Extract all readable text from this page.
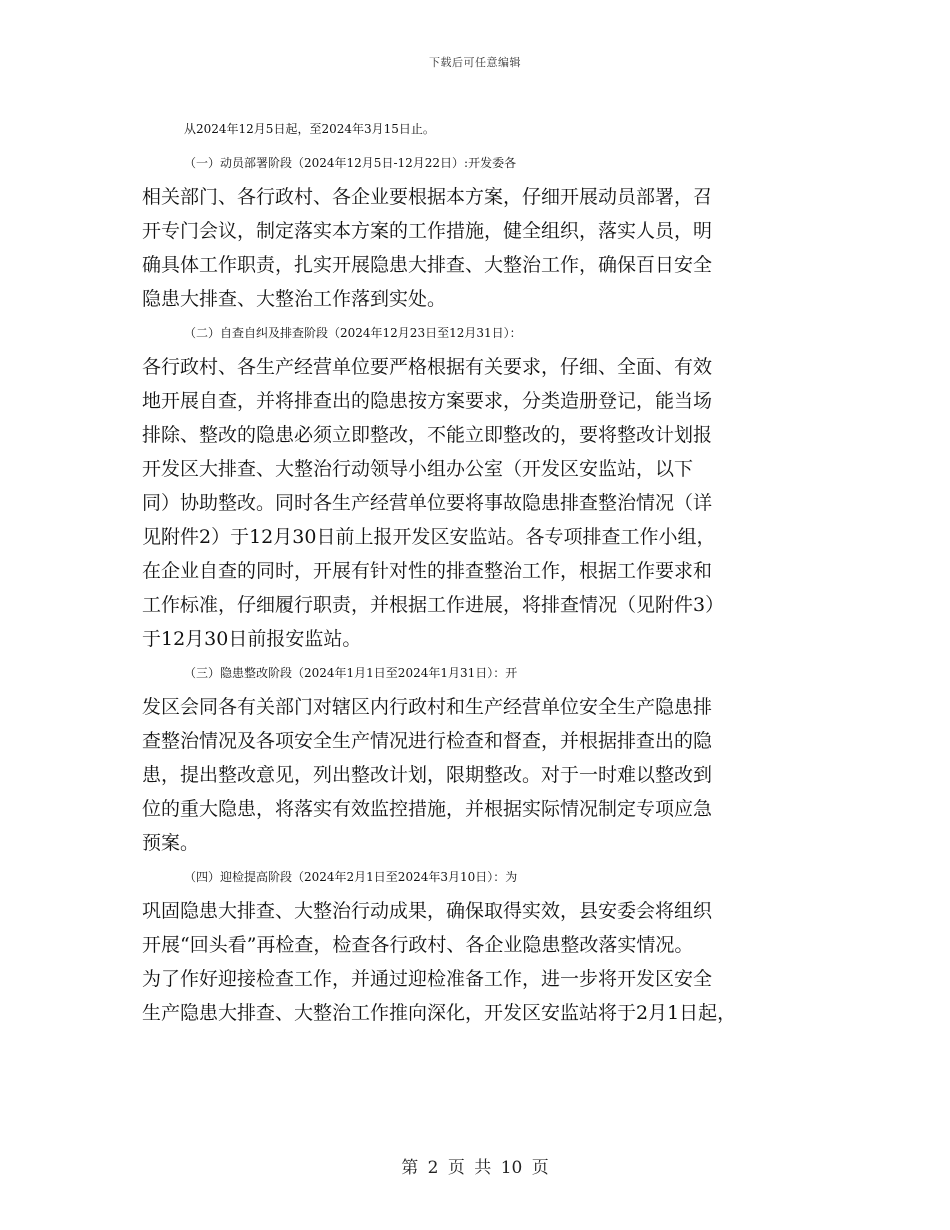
下载后可任意编辑
从2024年12月5日起，至2024年3月15日止。
（一）动员部署阶段（2024年12月5日-12月22日）:开发委各
相关部门、各行政村、各企业要根据本方案，仔细开展动员部署，召
开专门会议，制定落实本方案的工作措施，健全组织，落实人员，明
确具体工作职责，扎实开展隐患大排查、大整治工作，确保百日安全
隐患大排查、大整治工作落到实处。
（二）自查自纠及排查阶段（2024年12月23日至12月31日）：
各行政村、各生产经营单位要严格根据有关要求，仔细、全面、有效
地开展自查，并将排查出的隐患按方案要求，分类造册登记，能当场
排除、整改的隐患必须立即整改，不能立即整改的，要将整改计划报
开发区大排查、大整治行动领导小组办公室（开发区安监站，以下
同）协助整改。同时各生产经营单位要将事故隐患排查整治情况（详
见附件2）于12月30日前上报开发区安监站。各专项排查工作小组，
在企业自查的同时，开展有针对性的排查整治工作，根据工作要求和
工作标准，仔细履行职责，并根据工作进展，将排查情况（见附件3）
于12月30日前报安监站。
（三）隐患整改阶段（2024年1月1日至2024年1月31日）：开
发区会同各有关部门对辖区内行政村和生产经营单位安全生产隐患排
查整治情况及各项安全生产情况进行检查和督查，并根据排查出的隐
患，提出整改意见，列出整改计划，限期整改。对于一时难以整改到
位的重大隐患，将落实有效监控措施，并根据实际情况制定专项应急
预案。
（四）迎检提高阶段（2024年2月1日至2024年3月10日）：为
巩固隐患大排查、大整治行动成果，确保取得实效，县安委会将组织
开展“回头看”再检查，检查各行政村、各企业隐患整改落实情况。
为了作好迎接检查工作，并通过迎检准备工作，进一步将开发区安全
生产隐患大排查、大整治工作推向深化，开发区安监站将于2月1日起，
第 2 页 共 10 页
